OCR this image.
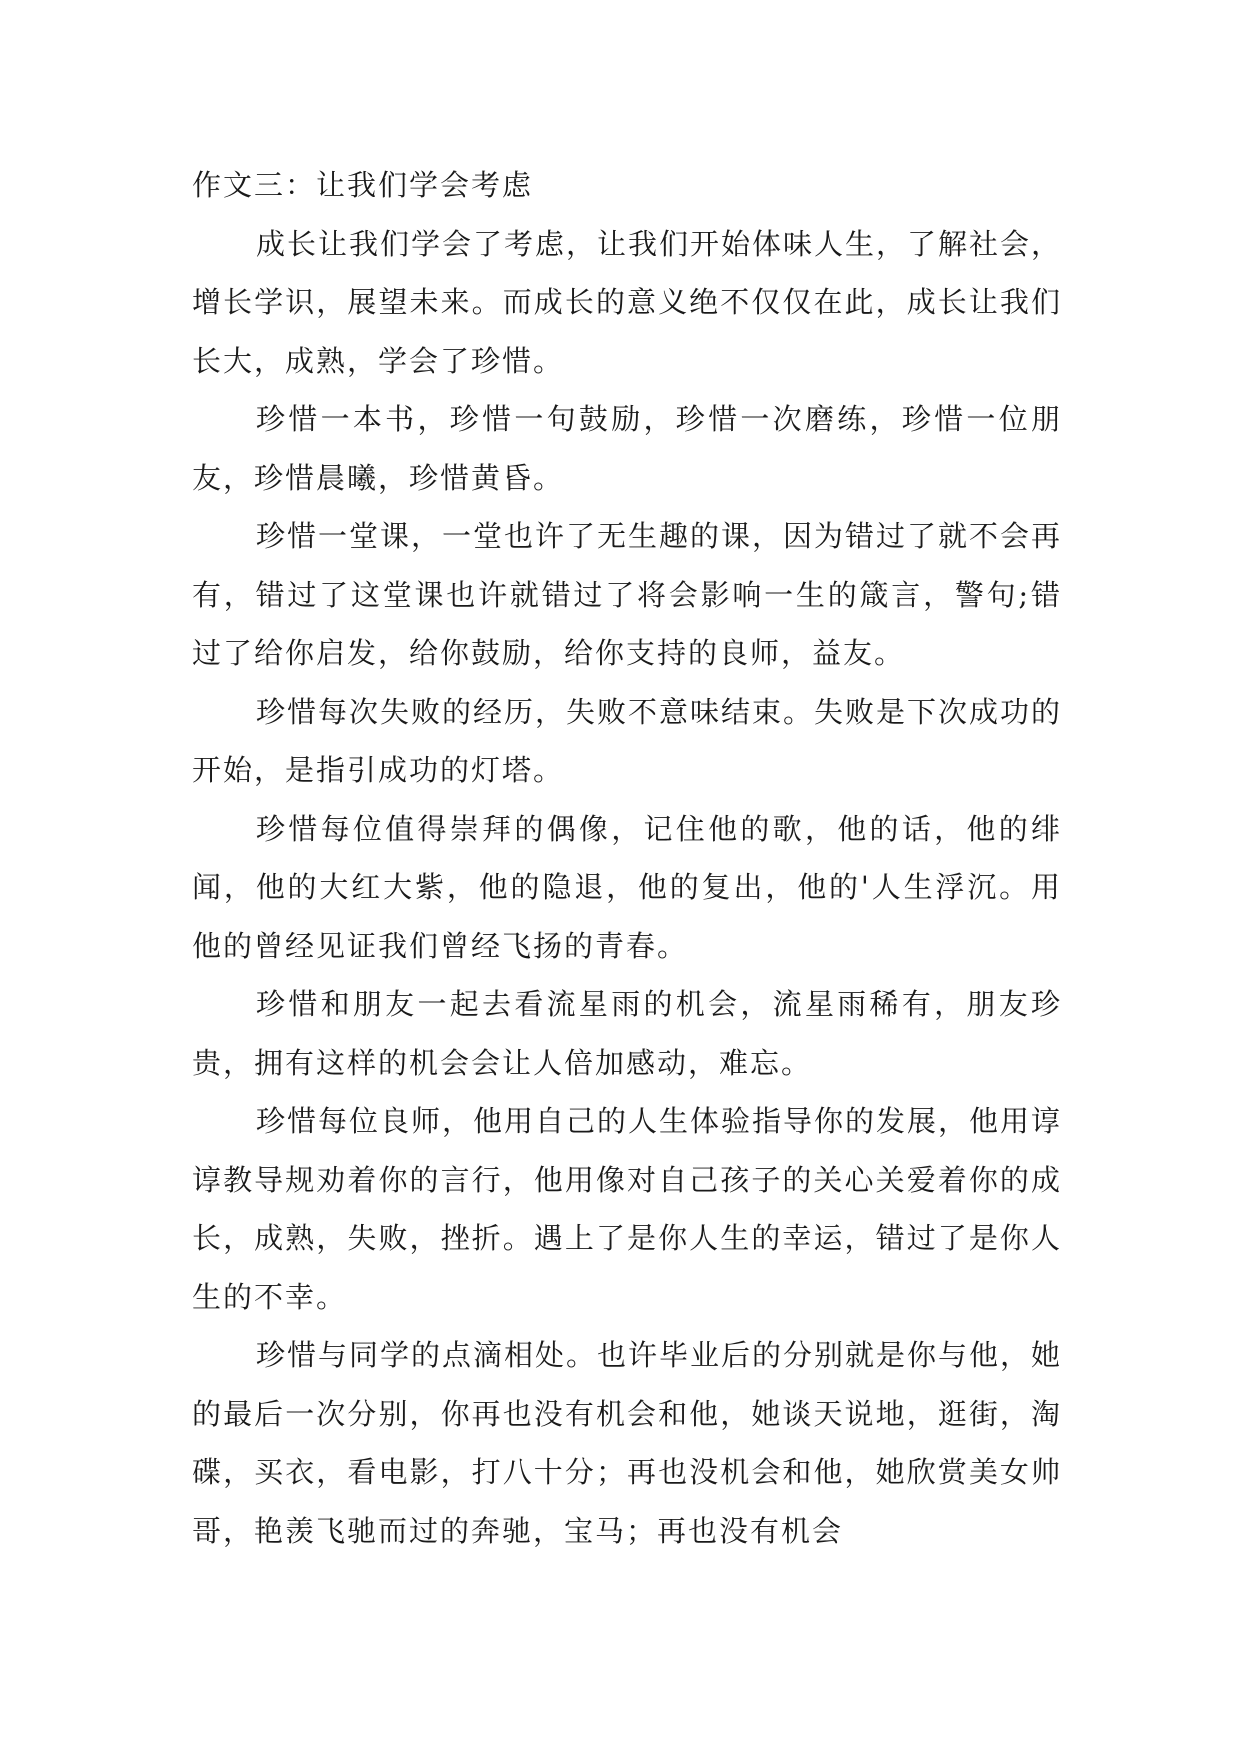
作文三：让我们学会考虑

成长让我们学会了考虑，让我们开始体味人生，了解社会，增长学识，展望未来。而成长的意义绝不仅仅在此，成长让我们长大，成熟，学会了珍惜。

珍惜一本书，珍惜一句鼓励，珍惜一次磨练，珍惜一位朋友，珍惜晨曦，珍惜黄昏。

珍惜一堂课，一堂也许了无生趣的课，因为错过了就不会再有，错过了这堂课也许就错过了将会影响一生的箴言，警句;错过了给你启发，给你鼓励，给你支持的良师，益友。

珍惜每次失败的经历，失败不意味结束。失败是下次成功的开始，是指引成功的灯塔。

珍惜每位值得崇拜的偶像，记住他的歌，他的话，他的绯闻，他的大红大紫，他的隐退，他的复出，他的'人生浮沉。用他的曾经见证我们曾经飞扬的青春。

珍惜和朋友一起去看流星雨的机会，流星雨稀有，朋友珍贵，拥有这样的机会会让人倍加感动，难忘。

珍惜每位良师，他用自己的人生体验指导你的发展，他用谆谆教导规劝着你的言行，他用像对自己孩子的关心关爱着你的成长，成熟，失败，挫折。遇上了是你人生的幸运，错过了是你人生的不幸。

珍惜与同学的点滴相处。也许毕业后的分别就是你与他，她的最后一次分别，你再也没有机会和他，她谈天说地，逛街，淘碟，买衣，看电影，打八十分；再也没机会和他，她欣赏美女帅哥，艳羡飞驰而过的奔驰，宝马；再也没有机会
